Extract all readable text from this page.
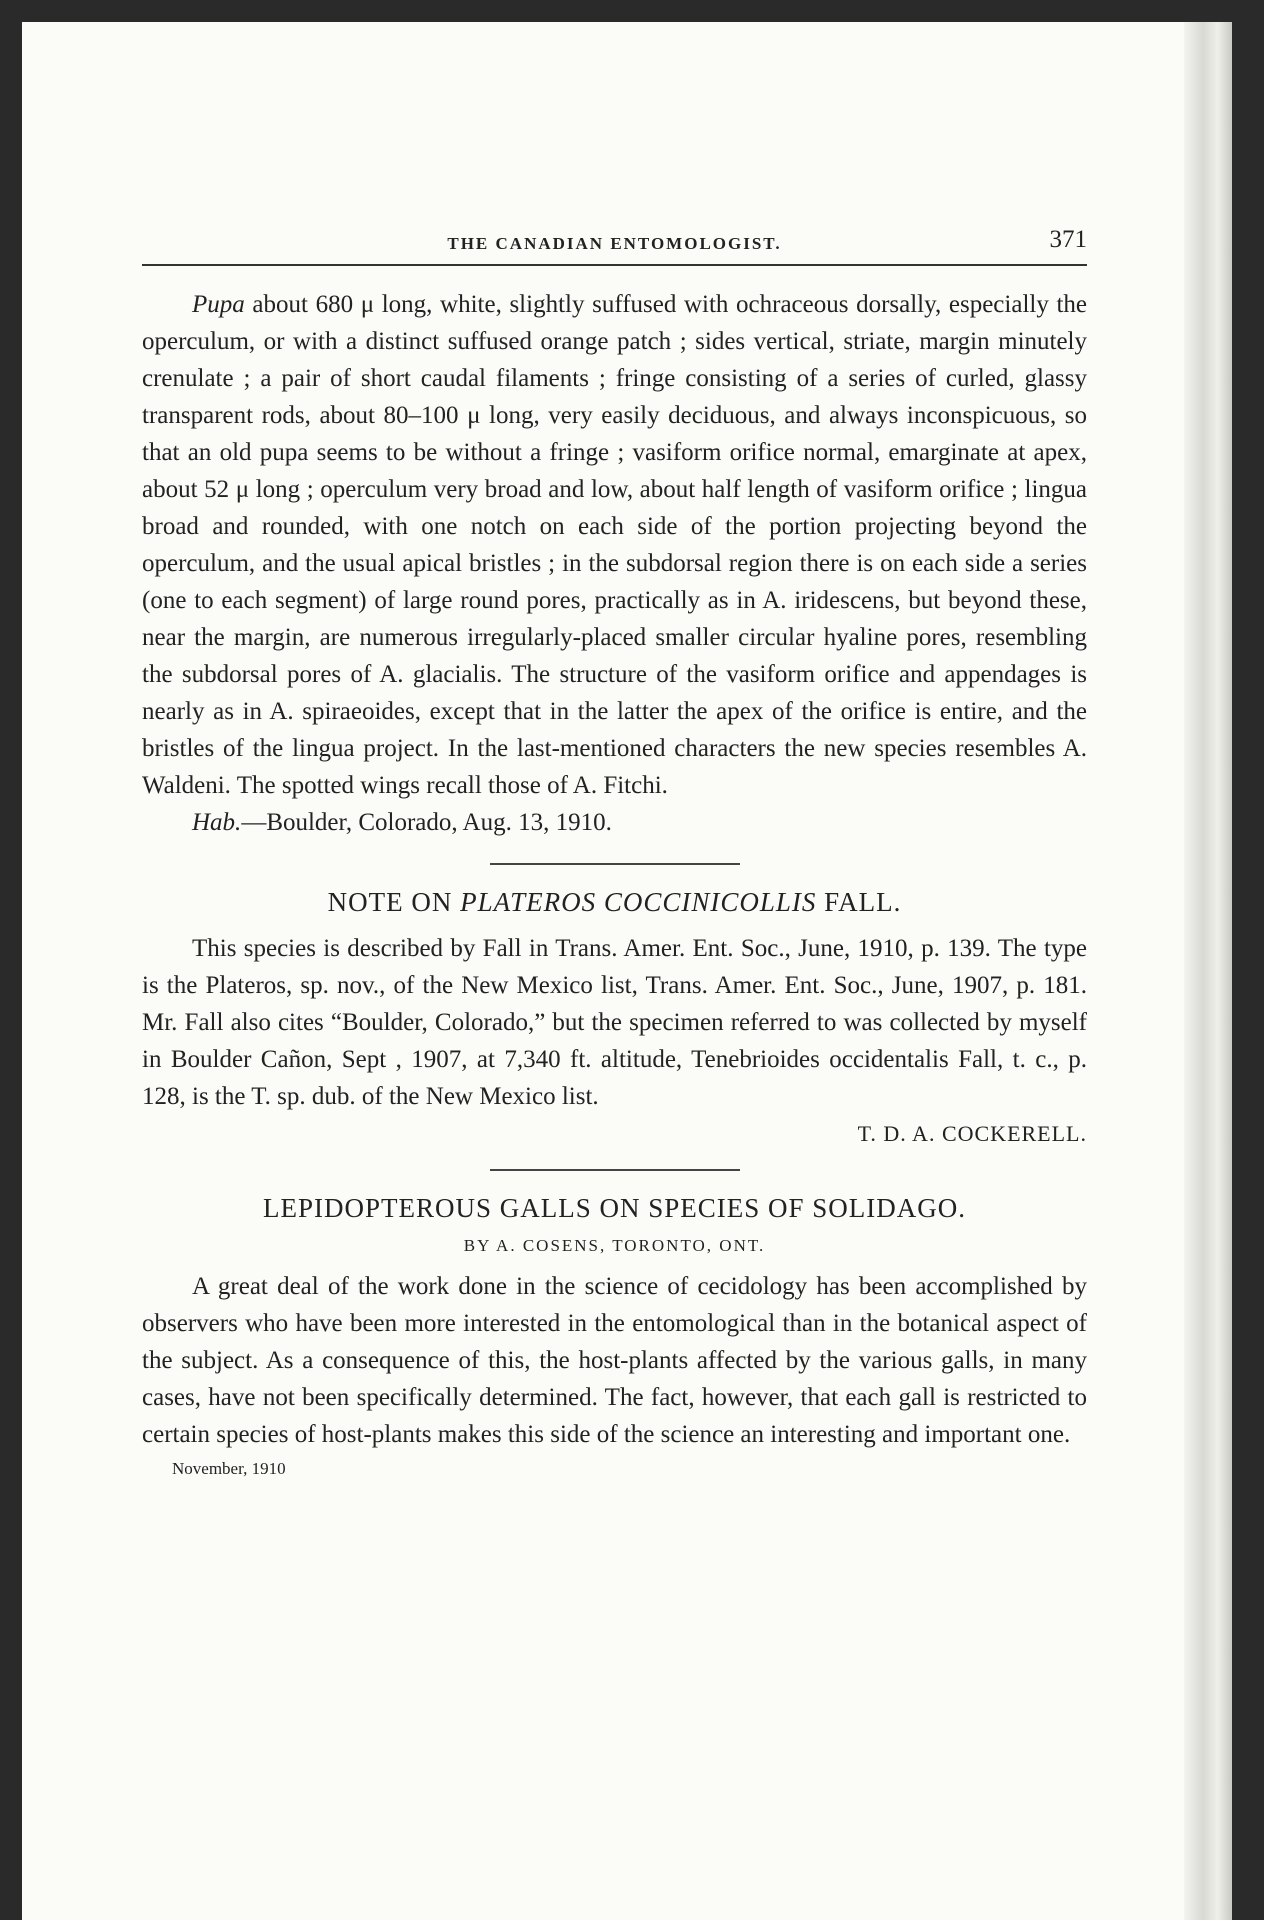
THE CANADIAN ENTOMOLOGIST.	371

Pupa about 680 μ long, white, slightly suffused with ochraceous dorsally, especially the operculum, or with a distinct suffused orange patch ; sides vertical, striate, margin minutely crenulate ; a pair of short caudal filaments ; fringe consisting of a series of curled, glassy transparent rods, about 80–100 μ long, very easily deciduous, and always inconspicuous, so that an old pupa seems to be without a fringe ; vasiform orifice normal, emarginate at apex, about 52 μ long ; operculum very broad and low, about half length of vasiform orifice ; lingua broad and rounded, with one notch on each side of the portion projecting beyond the operculum, and the usual apical bristles ; in the subdorsal region there is on each side a series (one to each segment) of large round pores, practically as in A. iridescens, but beyond these, near the margin, are numerous irregularly-placed smaller circular hyaline pores, resembling the subdorsal pores of A. glacialis. The structure of the vasiform orifice and appendages is nearly as in A. spiraeoides, except that in the latter the apex of the orifice is entire, and the bristles of the lingua project. In the last-mentioned characters the new species resembles A. Waldeni. The spotted wings recall those of A. Fitchi.

Hab.—Boulder, Colorado, Aug. 13, 1910.

NOTE ON PLATEROS COCCINICOLLIS FALL.

This species is described by Fall in Trans. Amer. Ent. Soc., June, 1910, p. 139. The type is the Plateros, sp. nov., of the New Mexico list, Trans. Amer. Ent. Soc., June, 1907, p. 181. Mr. Fall also cites “Boulder, Colorado,” but the specimen referred to was collected by myself in Boulder Cañon, Sept , 1907, at 7,340 ft. altitude, Tenebrioides occidentalis Fall, t. c., p. 128, is the T. sp. dub. of the New Mexico list.

T. D. A. COCKERELL.
LEPIDOPTEROUS GALLS ON SPECIES OF SOLIDAGO.
BY A. COSENS, TORONTO, ONT.

A great deal of the work done in the science of cecidology has been accomplished by observers who have been more interested in the entomological than in the botanical aspect of the subject. As a consequence of this, the host-plants affected by the various galls, in many cases, have not been specifically determined. The fact, however, that each gall is restricted to certain species of host-plants makes this side of the science an interesting and important one.

November, 1910
